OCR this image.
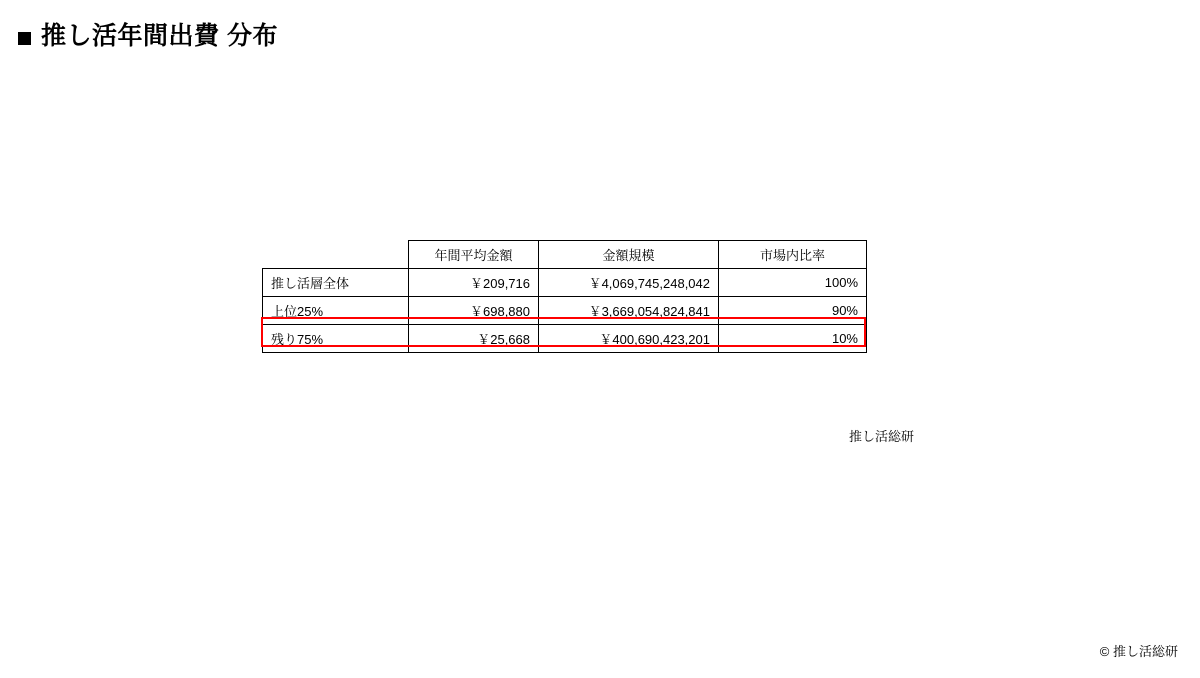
推し活年間出費 分布
	年間平均金額	金額規模	市場内比率
推し活層全体	￥209,716	￥4,069,745,248,042	100%
上位25%	￥698,880	￥3,669,054,824,841	90%
残り75%	￥25,668	￥400,690,423,201	10%
推し活総研
© 推し活総研
